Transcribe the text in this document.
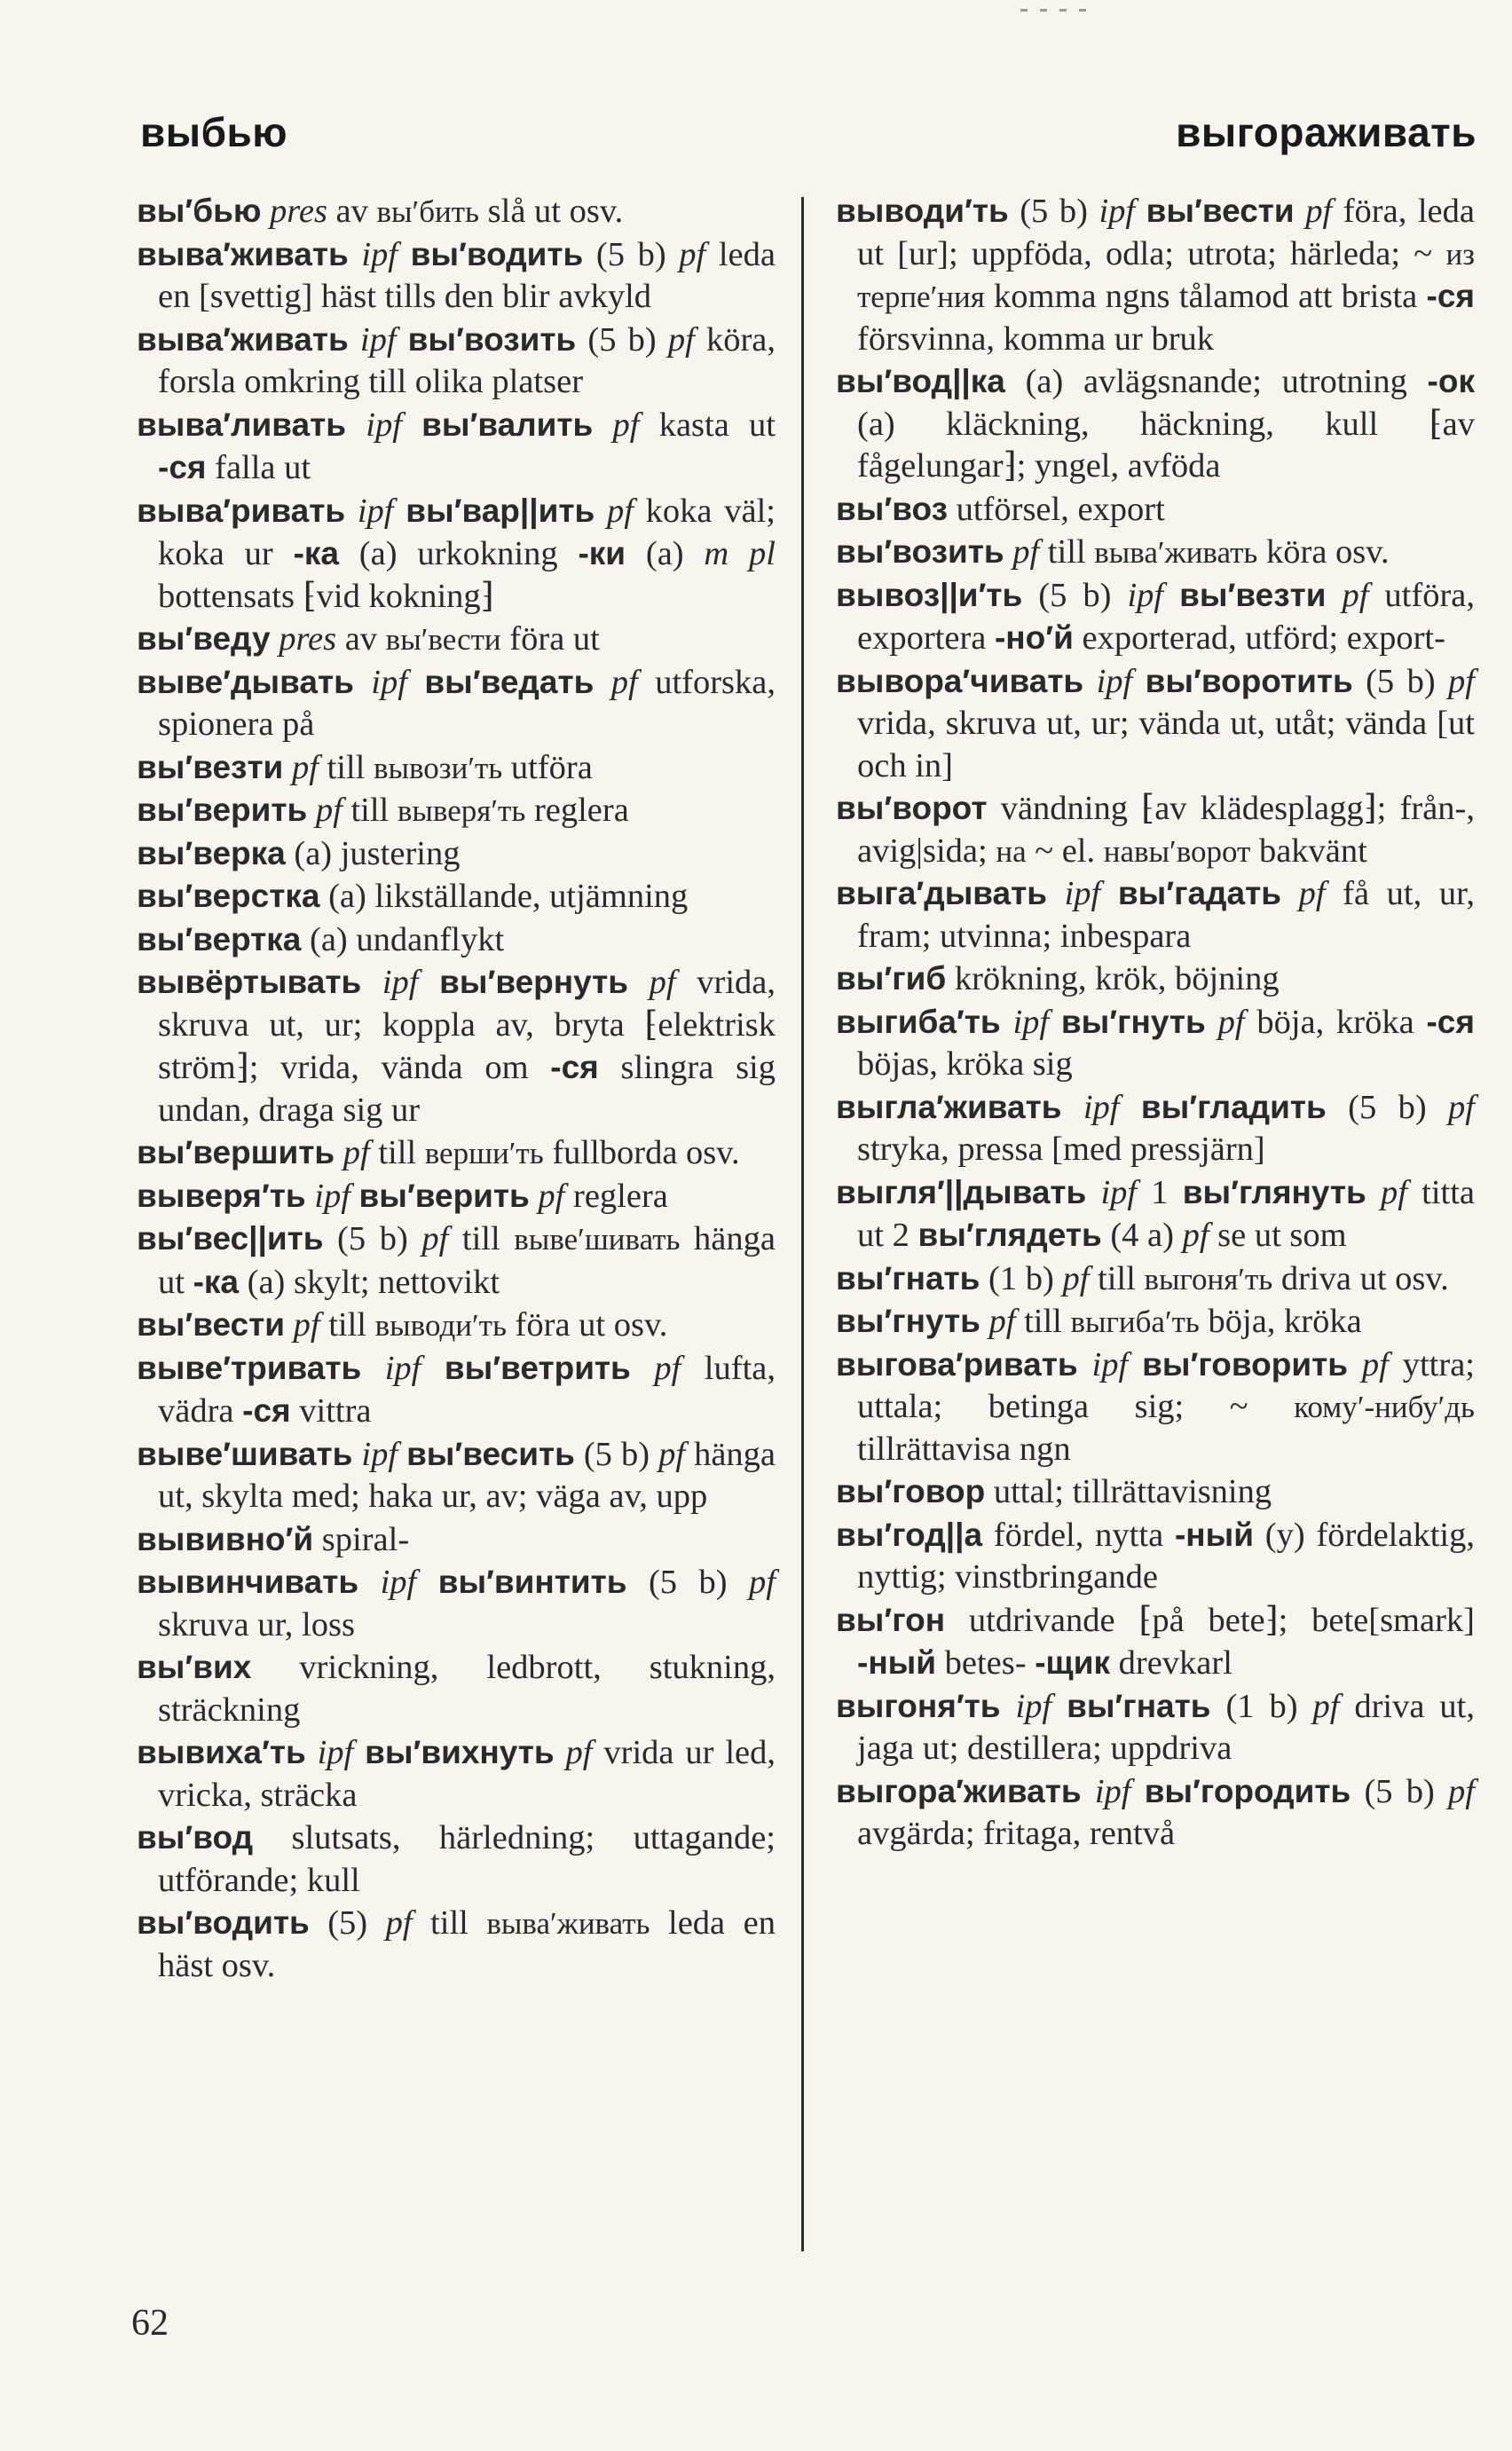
выбью	выгораживать

вы′бью pres av вы′бить slå ut osv.

выва′живать ipf вы′водить (5 b) pf leda en [svettig] häst tills den blir avkyld

выва′живать ipf вы′возить (5 b) pf köra, forsla omkring till olika platser

выва′ливать ipf вы′валить pf kasta ut -ся falla ut

выва′ривать ipf вы′вар||ить pf koka väl; koka ur -ка (a) urkokning -ки (a) m pl bottensats ⁅vid kokning⁆

вы′веду pres av вы′вести föra ut

выве′дывать ipf вы′ведать pf utforska, spionera på

вы′везти pf till вывози′ть utföra

вы′верить pf till выверя′ть reglera

вы′верка (a) justering

вы′верстка (a) likställande, utjämning

вы′вертка (a) undanflykt

вывёртывать ipf вы′вернуть pf vrida, skruva ut, ur; koppla av, bryta ⁅elektrisk ström⁆; vrida, vända om -ся slingra sig undan, draga sig ur

вы′вершить pf till верши′ть fullborda osv.

выверя′ть ipf вы′верить pf reglera

вы′вес||ить (5 b) pf till выве′шивать hänga ut -ка (a) skylt; nettovikt

вы′вести pf till выводи′ть föra ut osv.

выве′тривать ipf вы′ветрить pf lufta, vädra -ся vittra

выве′шивать ipf вы′весить (5 b) pf hänga ut, skylta med; haka ur, av; väga av, upp

вывивно′й spiral-

вывинчивать ipf вы′винтить (5 b) pf skruva ur, loss

вы′вих vrickning, ledbrott, stukning, sträckning

вывиха′ть ipf вы′вихнуть pf vrida ur led, vricka, sträcka

вы′вод slutsats, härledning; uttagande; utförande; kull

вы′водить (5) pf till выва′живать leda en häst osv.

выводи′ть (5 b) ipf вы′вести pf föra, leda ut [ur]; uppföda, odla; utrota; härleda; ~ из терпе′ния komma ngns tålamod att brista -ся försvinna, komma ur bruk

вы′вод||ка (a) avlägsnande; utrotning -ок (a) kläckning, häckning, kull ⁅av fågelungar⁆; yngel, avföda

вы′воз utförsel, export

вы′возить pf till выва′живать köra osv.

вывоз||и′ть (5 b) ipf вы′везти pf utföra, exportera -но′й exporterad, utförd; export-

вывора′чивать ipf вы′воротить (5 b) pf vrida, skruva ut, ur; vända ut, utåt; vända [ut och in]

вы′ворот vändning ⁅av klädesplagg⁆; från-, avig|sida; на ~ el. навы′ворот bakvänt

выга′дывать ipf вы′гадать pf få ut, ur, fram; utvinna; inbespara

вы′гиб krökning, krök, böjning

выгиба′ть ipf вы′гнуть pf böja, kröka -ся böjas, kröka sig

выгла′живать ipf вы′гладить (5 b) pf stryka, pressa [med pressjärn]

выгля′||дывать ipf 1 вы′глянуть pf titta ut 2 вы′глядеть (4 a) pf se ut som

вы′гнать (1 b) pf till выгоня′ть driva ut osv.

вы′гнуть pf till выгиба′ть böja, kröka

выгова′ривать ipf вы′говорить pf yttra; uttala; betinga sig; ~ кому′-нибу′дь tillrättavisa ngn

вы′говор uttal; tillrättavisning

вы′год||а fördel, nytta -ный (y) fördelaktig, nyttig; vinstbringande

вы′гон utdrivande ⁅på bete⁆; bete[smark] -ный betes- -щик drevkarl

выгоня′ть ipf вы′гнать (1 b) pf driva ut, jaga ut; destillera; uppdriva

выгора′живать ipf вы′городить (5 b) pf avgärda; fritaga, rentvå

62
